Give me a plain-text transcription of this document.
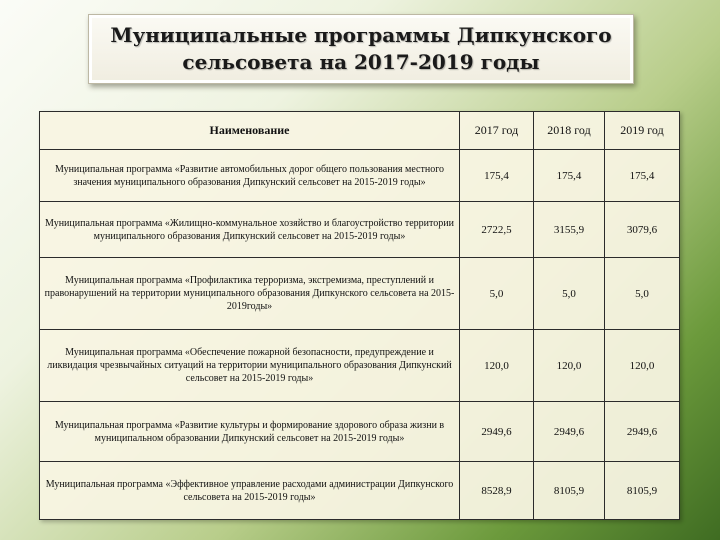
Муниципальные программы Дипкунского
сельсовета на 2017-2019 годы
Наименование	2017 год	2018 год	2019 год
Муниципальная программа «Развитие автомобильных дорог общего пользования местного значения муниципального образования Дипкунский сельсовет на 2015-2019 годы»	175,4	175,4	175,4
Муниципальная программа «Жилищно-коммунальное хозяйство и благоустройство территории муниципального образования Дипкунский сельсовет на 2015-2019 годы»	2722,5	3155,9	3079,6
Муниципальная программа «Профилактика терроризма, экстремизма, преступлений и правонарушений на территории муниципального образования Дипкунского сельсовета на 2015-2019годы»	5,0	5,0	5,0
Муниципальная программа «Обеспечение пожарной безопасности, предупреждение и ликвидация чрезвычайных ситуаций на территории муниципального образования Дипкунский сельсовет на 2015-2019 годы»	120,0	120,0	120,0
Муниципальная программа «Развитие культуры и формирование здорового образа жизни в муниципальном образовании Дипкунский сельсовет на 2015-2019 годы»	2949,6	2949,6	2949,6
Муниципальная программа «Эффективное управление расходами администрации Дипкунского сельсовета на 2015-2019 годы»	8528,9	8105,9	8105,9
